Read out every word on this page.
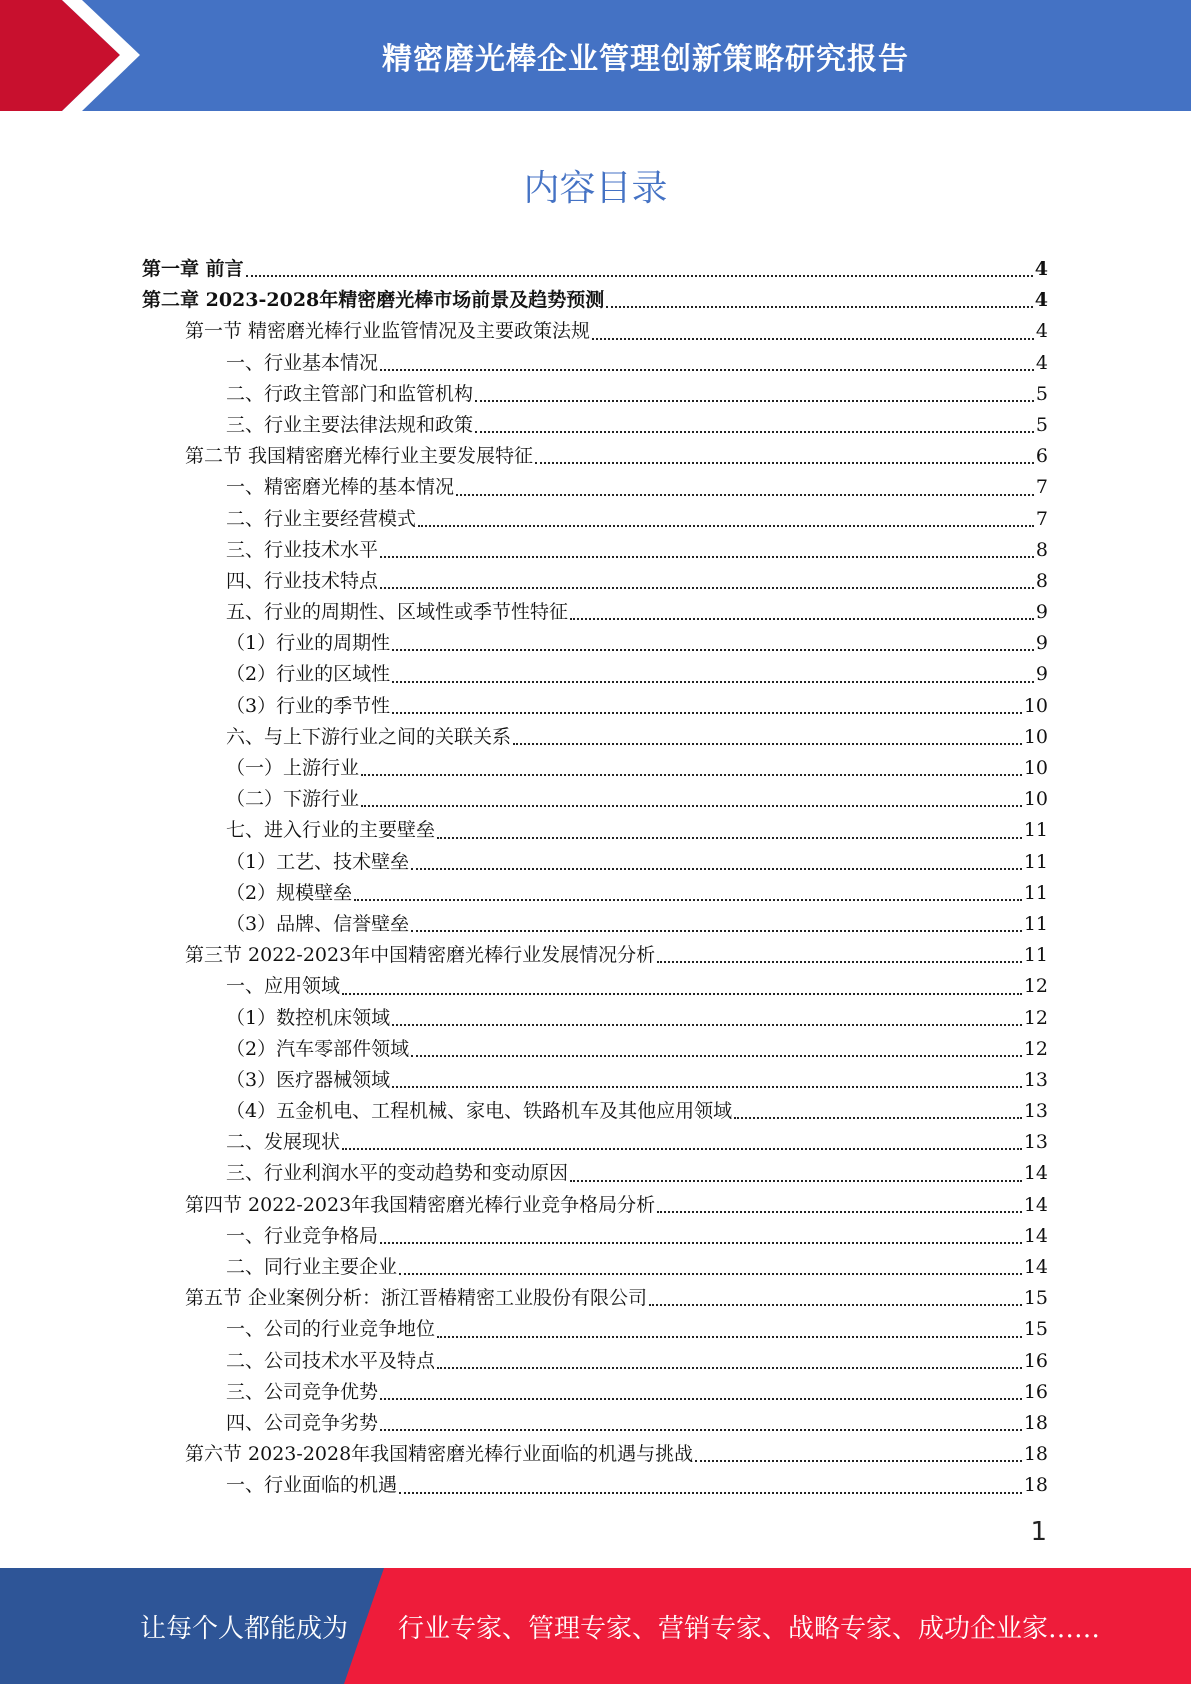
精密磨光棒企业管理创新策略研究报告
内容目录
第一章 前言	4
第二章 2023-2028年精密磨光棒市场前景及趋势预测	4
第一节 精密磨光棒行业监管情况及主要政策法规	4
一、行业基本情况	4
二、行政主管部门和监管机构	5
三、行业主要法律法规和政策	5
第二节 我国精密磨光棒行业主要发展特征	6
一、精密磨光棒的基本情况	7
二、行业主要经营模式	7
三、行业技术水平	8
四、行业技术特点	8
五、行业的周期性、区域性或季节性特征	9
（1）行业的周期性	9
（2）行业的区域性	9
（3）行业的季节性	10
六、与上下游行业之间的关联关系	10
（一）上游行业	10
（二）下游行业	10
七、进入行业的主要壁垒	11
（1）工艺、技术壁垒	11
（2）规模壁垒	11
（3）品牌、信誉壁垒	11
第三节 2022-2023年中国精密磨光棒行业发展情况分析	11
一、应用领域	12
（1）数控机床领域	12
（2）汽车零部件领域	12
（3）医疗器械领域	13
（4）五金机电、工程机械、家电、铁路机车及其他应用领域	13
二、发展现状	13
三、行业利润水平的变动趋势和变动原因	14
第四节 2022-2023年我国精密磨光棒行业竞争格局分析	14
一、行业竞争格局	14
二、同行业主要企业	14
第五节 企业案例分析：浙江晋椿精密工业股份有限公司	15
一、公司的行业竞争地位	15
二、公司技术水平及特点	16
三、公司竞争优势	16
四、公司竞争劣势	18
第六节 2023-2028年我国精密磨光棒行业面临的机遇与挑战	18
一、行业面临的机遇	18
1
让每个人都能成为 行业专家、管理专家、营销专家、战略专家、成功企业家……
